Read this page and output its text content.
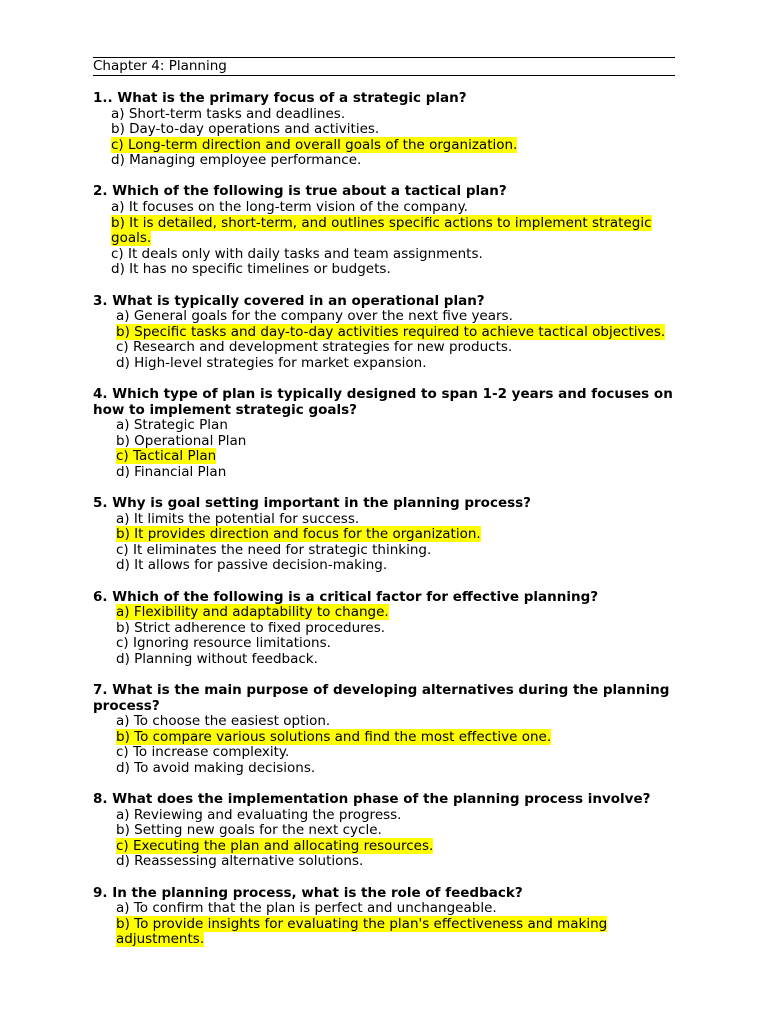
Chapter 4: Planning
1.. What is the primary focus of a strategic plan?
a) Short-term tasks and deadlines.
b) Day-to-day operations and activities.
c) Long-term direction and overall goals of the organization.
d) Managing employee performance.
2. Which of the following is true about a tactical plan?
a) It focuses on the long-term vision of the company.
b) It is detailed, short-term, and outlines specific actions to implement strategic goals.
c) It deals only with daily tasks and team assignments.
d) It has no specific timelines or budgets.
3. What is typically covered in an operational plan?
a) General goals for the company over the next five years.
b) Specific tasks and day-to-day activities required to achieve tactical objectives.
c) Research and development strategies for new products.
d) High-level strategies for market expansion.
4. Which type of plan is typically designed to span 1-2 years and focuses on how to implement strategic goals?
a) Strategic Plan
b) Operational Plan
c) Tactical Plan
d) Financial Plan
5. Why is goal setting important in the planning process?
a) It limits the potential for success.
b) It provides direction and focus for the organization.
c) It eliminates the need for strategic thinking.
d) It allows for passive decision-making.
6. Which of the following is a critical factor for effective planning?
a) Flexibility and adaptability to change.
b) Strict adherence to fixed procedures.
c) Ignoring resource limitations.
d) Planning without feedback.
7. What is the main purpose of developing alternatives during the planning process?
a) To choose the easiest option.
b) To compare various solutions and find the most effective one.
c) To increase complexity.
d) To avoid making decisions.
8. What does the implementation phase of the planning process involve?
a) Reviewing and evaluating the progress.
b) Setting new goals for the next cycle.
c) Executing the plan and allocating resources.
d) Reassessing alternative solutions.
9. In the planning process, what is the role of feedback?
a) To confirm that the plan is perfect and unchangeable.
b) To provide insights for evaluating the plan's effectiveness and making adjustments.
